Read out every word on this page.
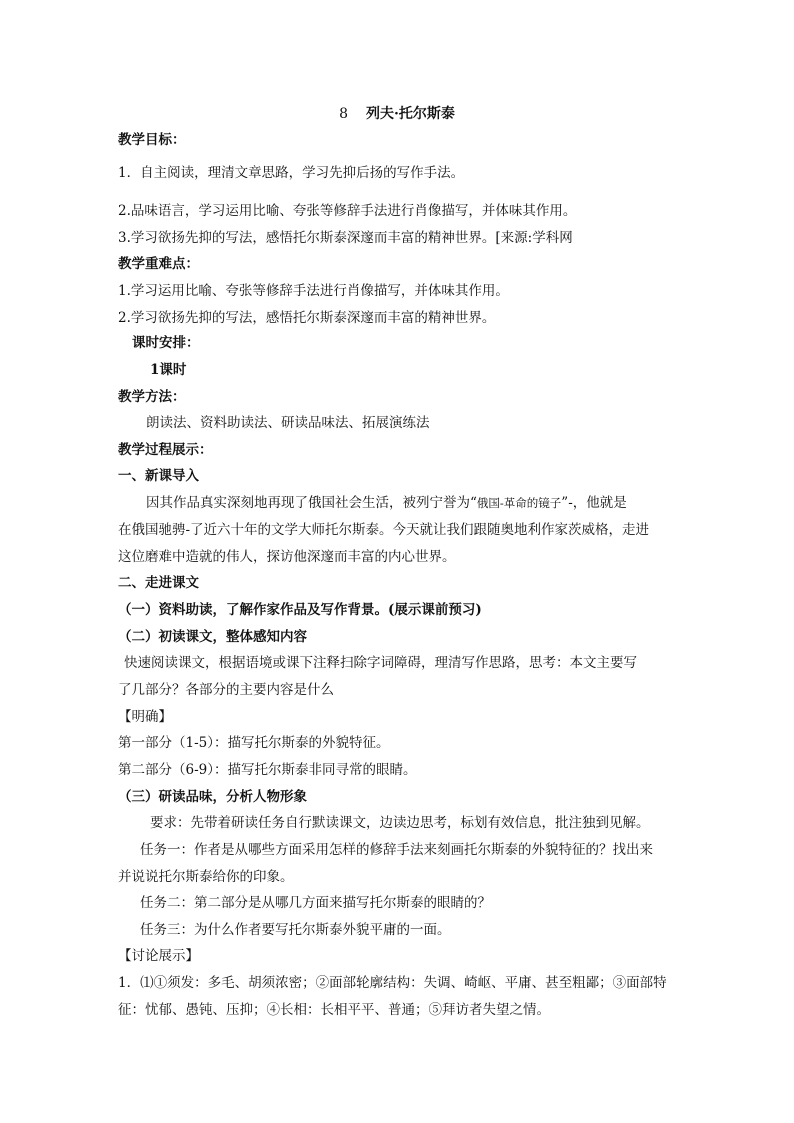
8 列夫·托尔斯泰
教学目标：
1．自主阅读，理清文章思路，学习先抑后扬的写作手法。
2.品味语言，学习运用比喻、夸张等修辞手法进行肖像描写，并体味其作用。
3.学习欲扬先抑的写法，感悟托尔斯泰深邃而丰富的精神世界。[来源:学科网
教学重难点：
1.学习运用比喻、夸张等修辞手法进行肖像描写，并体味其作用。
2.学习欲扬先抑的写法，感悟托尔斯泰深邃而丰富的精神世界。
课时安排：
1课时
教学方法：
朗读法、资料助读法、研读品味法、拓展演练法
教学过程展示：
一、新课导入
因其作品真实深刻地再现了俄国社会生活，被列宁誉为“俄国-革命的镜子”-，他就是
在俄国驰骋-了近六十年的文学大师托尔斯泰。今天就让我们跟随奥地利作家茨威格，走进
这位磨难中造就的伟人，探访他深邃而丰富的内心世界。
二、走进课文
（一）资料助读，了解作家作品及写作背景。(展示课前预习)
（二）初读课文，整体感知内容
快速阅读课文，根据语境或课下注释扫除字词障碍，理清写作思路，思考：本文主要写
了几部分？各部分的主要内容是什么
【明确】
第一部分（1-5）：描写托尔斯泰的外貌特征。
第二部分（6-9）：描写托尔斯泰非同寻常的眼睛。
（三）研读品味，分析人物形象
要求：先带着研读任务自行默读课文，边读边思考，标划有效信息，批注独到见解。
任务一：作者是从哪些方面采用怎样的修辞手法来刻画托尔斯泰的外貌特征的？找出来
并说说托尔斯泰给你的印象。
任务二：第二部分是从哪几方面来描写托尔斯泰的眼睛的？
任务三：为什么作者要写托尔斯泰外貌平庸的一面。
【讨论展示】
1．⑴①须发：多毛、胡须浓密；②面部轮廓结构：失调、崎岖、平庸、甚至粗鄙；③面部特
征：忧郁、愚钝、压抑；④长相：长相平平、普通；⑤拜访者失望之情。
